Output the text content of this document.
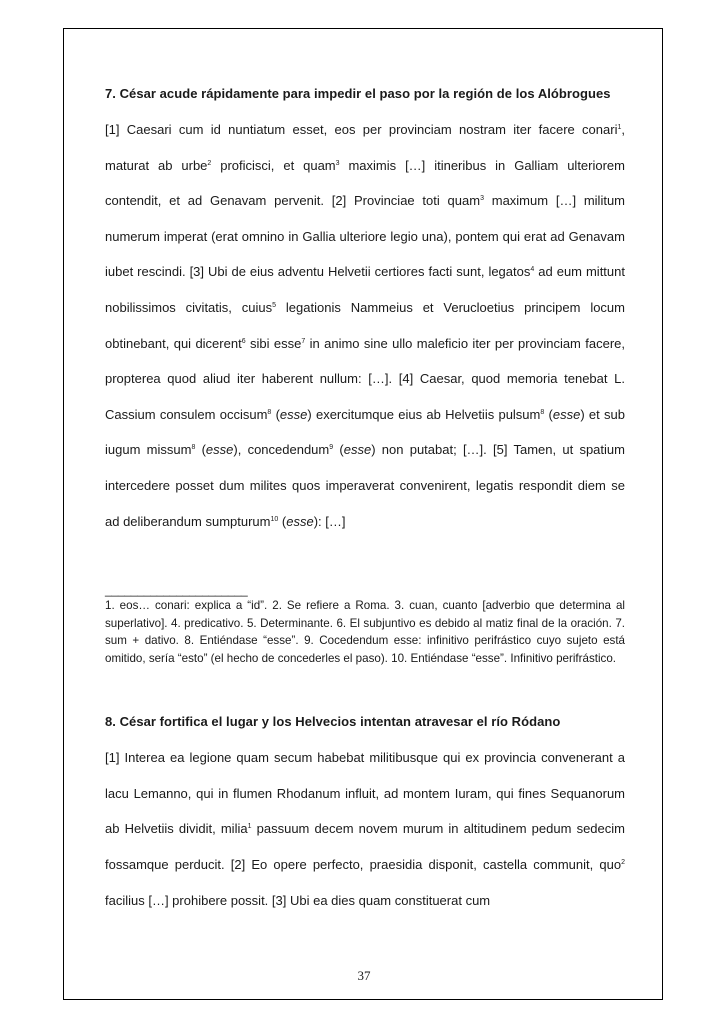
7. César acude rápidamente para impedir el paso por la región de los Alóbrogues

[1] Caesari cum id nuntiatum esset, eos per provinciam nostram iter facere conari$^1$, maturat ab urbe$^2$ proficisci, et quam$^3$ maximis […] itineribus in Galliam ulteriorem contendit, et ad Genavam pervenit. [2] Provinciae toti quam$^3$ maximum […] militum numerum imperat (erat omnino in Gallia ulteriore legio una), pontem qui erat ad Genavam iubet rescindi. [3] Ubi de eius adventu Helvetii certiores facti sunt, legatos$^4$ ad eum mittunt nobilissimos civitatis, cuius$^5$ legationis Nammeius et Verucloetius principem locum obtinebant, qui dicerent$^6$ sibi esse$^7$ in animo sine ullo maleficio iter per provinciam facere, propterea quod aliud iter haberent nullum: […]. [4] Caesar, quod memoria tenebat L. Cassium consulem occisum$^8$ (esse) exercitumque eius ab Helvetiis pulsum$^8$ (esse) et sub iugum missum$^8$ (esse), concedendum$^9$ (esse) non putabat; […]. [5] Tamen, ut spatium intercedere posset dum milites quos imperaverat convenirent, legatis respondit diem se ad deliberandum sumpturum$^{10}$ (esse): […]

______________________

1. eos… conari: explica a “id”. 2. Se refiere a Roma. 3. cuan, cuanto [adverbio que determina al superlativo]. 4. predicativo. 5. Determinante. 6. El subjuntivo es debido al matiz final de la oración. 7. sum + dativo. 8. Entiéndase “esse”. 9. Cocedendum esse: infinitivo perifrástico cuyo sujeto está omitido, sería “esto” (el hecho de concederles el paso). 10. Entiéndase “esse”. Infinitivo perifrástico.

8. César fortifica el lugar y los Helvecios intentan atravesar el río Ródano

[1] Interea ea legione quam secum habebat militibusque qui ex provincia convenerant a lacu Lemanno, qui in flumen Rhodanum influit, ad montem Iuram, qui fines Sequanorum ab Helvetiis dividit, milia$^1$ passuum decem novem murum in altitudinem pedum sedecim fossamque perducit. [2] Eo opere perfecto, praesidia disponit, castella communit, quo$^2$ facilius […] prohibere possit. [3] Ubi ea dies quam constituerat cum

37
